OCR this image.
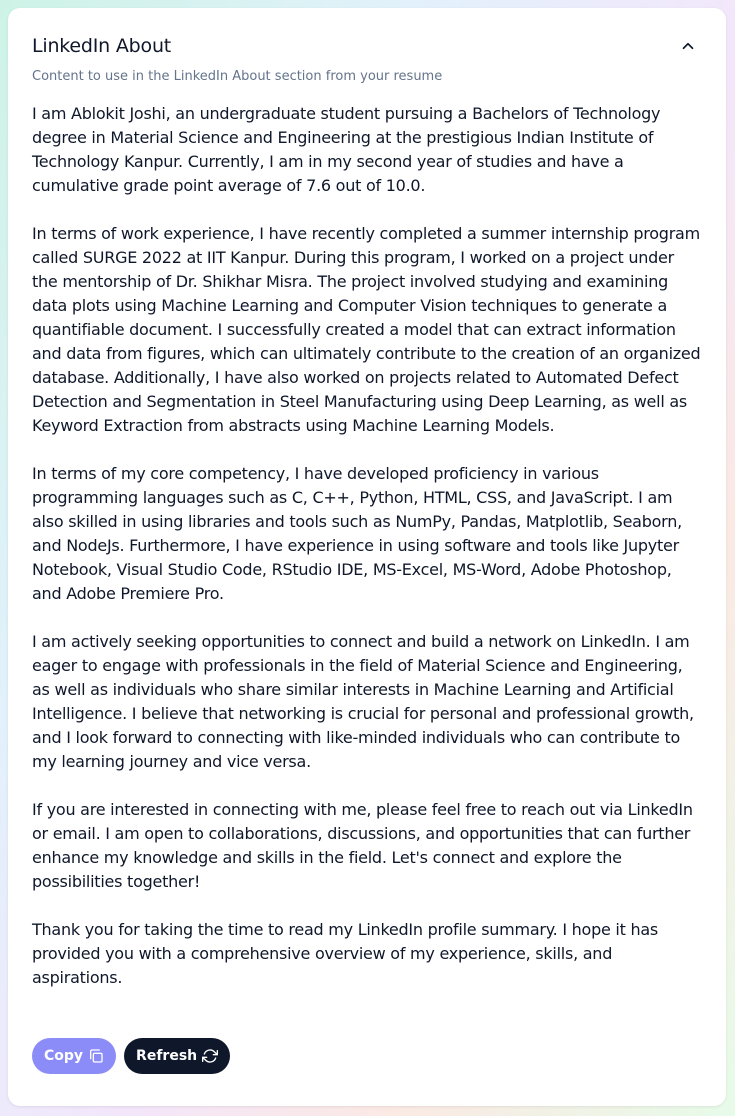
LinkedIn About
Content to use in the LinkedIn About section from your resume

I am Ablokit Joshi, an undergraduate student pursuing a Bachelors of Technology degree in Material Science and Engineering at the prestigious Indian Institute of Technology Kanpur. Currently, I am in my second year of studies and have a cumulative grade point average of 7.6 out of 10.0.

In terms of work experience, I have recently completed a summer internship program called SURGE 2022 at IIT Kanpur. During this program, I worked on a project under the mentorship of Dr. Shikhar Misra. The project involved studying and examining data plots using Machine Learning and Computer Vision techniques to generate a quantifiable document. I successfully created a model that can extract information and data from figures, which can ultimately contribute to the creation of an organized database. Additionally, I have also worked on projects related to Automated Defect Detection and Segmentation in Steel Manufacturing using Deep Learning, as well as Keyword Extraction from abstracts using Machine Learning Models.

In terms of my core competency, I have developed proficiency in various programming languages such as C, C++, Python, HTML, CSS, and JavaScript. I am also skilled in using libraries and tools such as NumPy, Pandas, Matplotlib, Seaborn, and NodeJs. Furthermore, I have experience in using software and tools like Jupyter Notebook, Visual Studio Code, RStudio IDE, MS-Excel, MS-Word, Adobe Photoshop, and Adobe Premiere Pro.

I am actively seeking opportunities to connect and build a network on LinkedIn. I am eager to engage with professionals in the field of Material Science and Engineering, as well as individuals who share similar interests in Machine Learning and Artificial Intelligence. I believe that networking is crucial for personal and professional growth, and I look forward to connecting with like-minded individuals who can contribute to my learning journey and vice versa.

If you are interested in connecting with me, please feel free to reach out via LinkedIn or email. I am open to collaborations, discussions, and opportunities that can further enhance my knowledge and skills in the field. Let's connect and explore the possibilities together!

Thank you for taking the time to read my LinkedIn profile summary. I hope it has provided you with a comprehensive overview of my experience, skills, and aspirations.

Copy	Refresh
